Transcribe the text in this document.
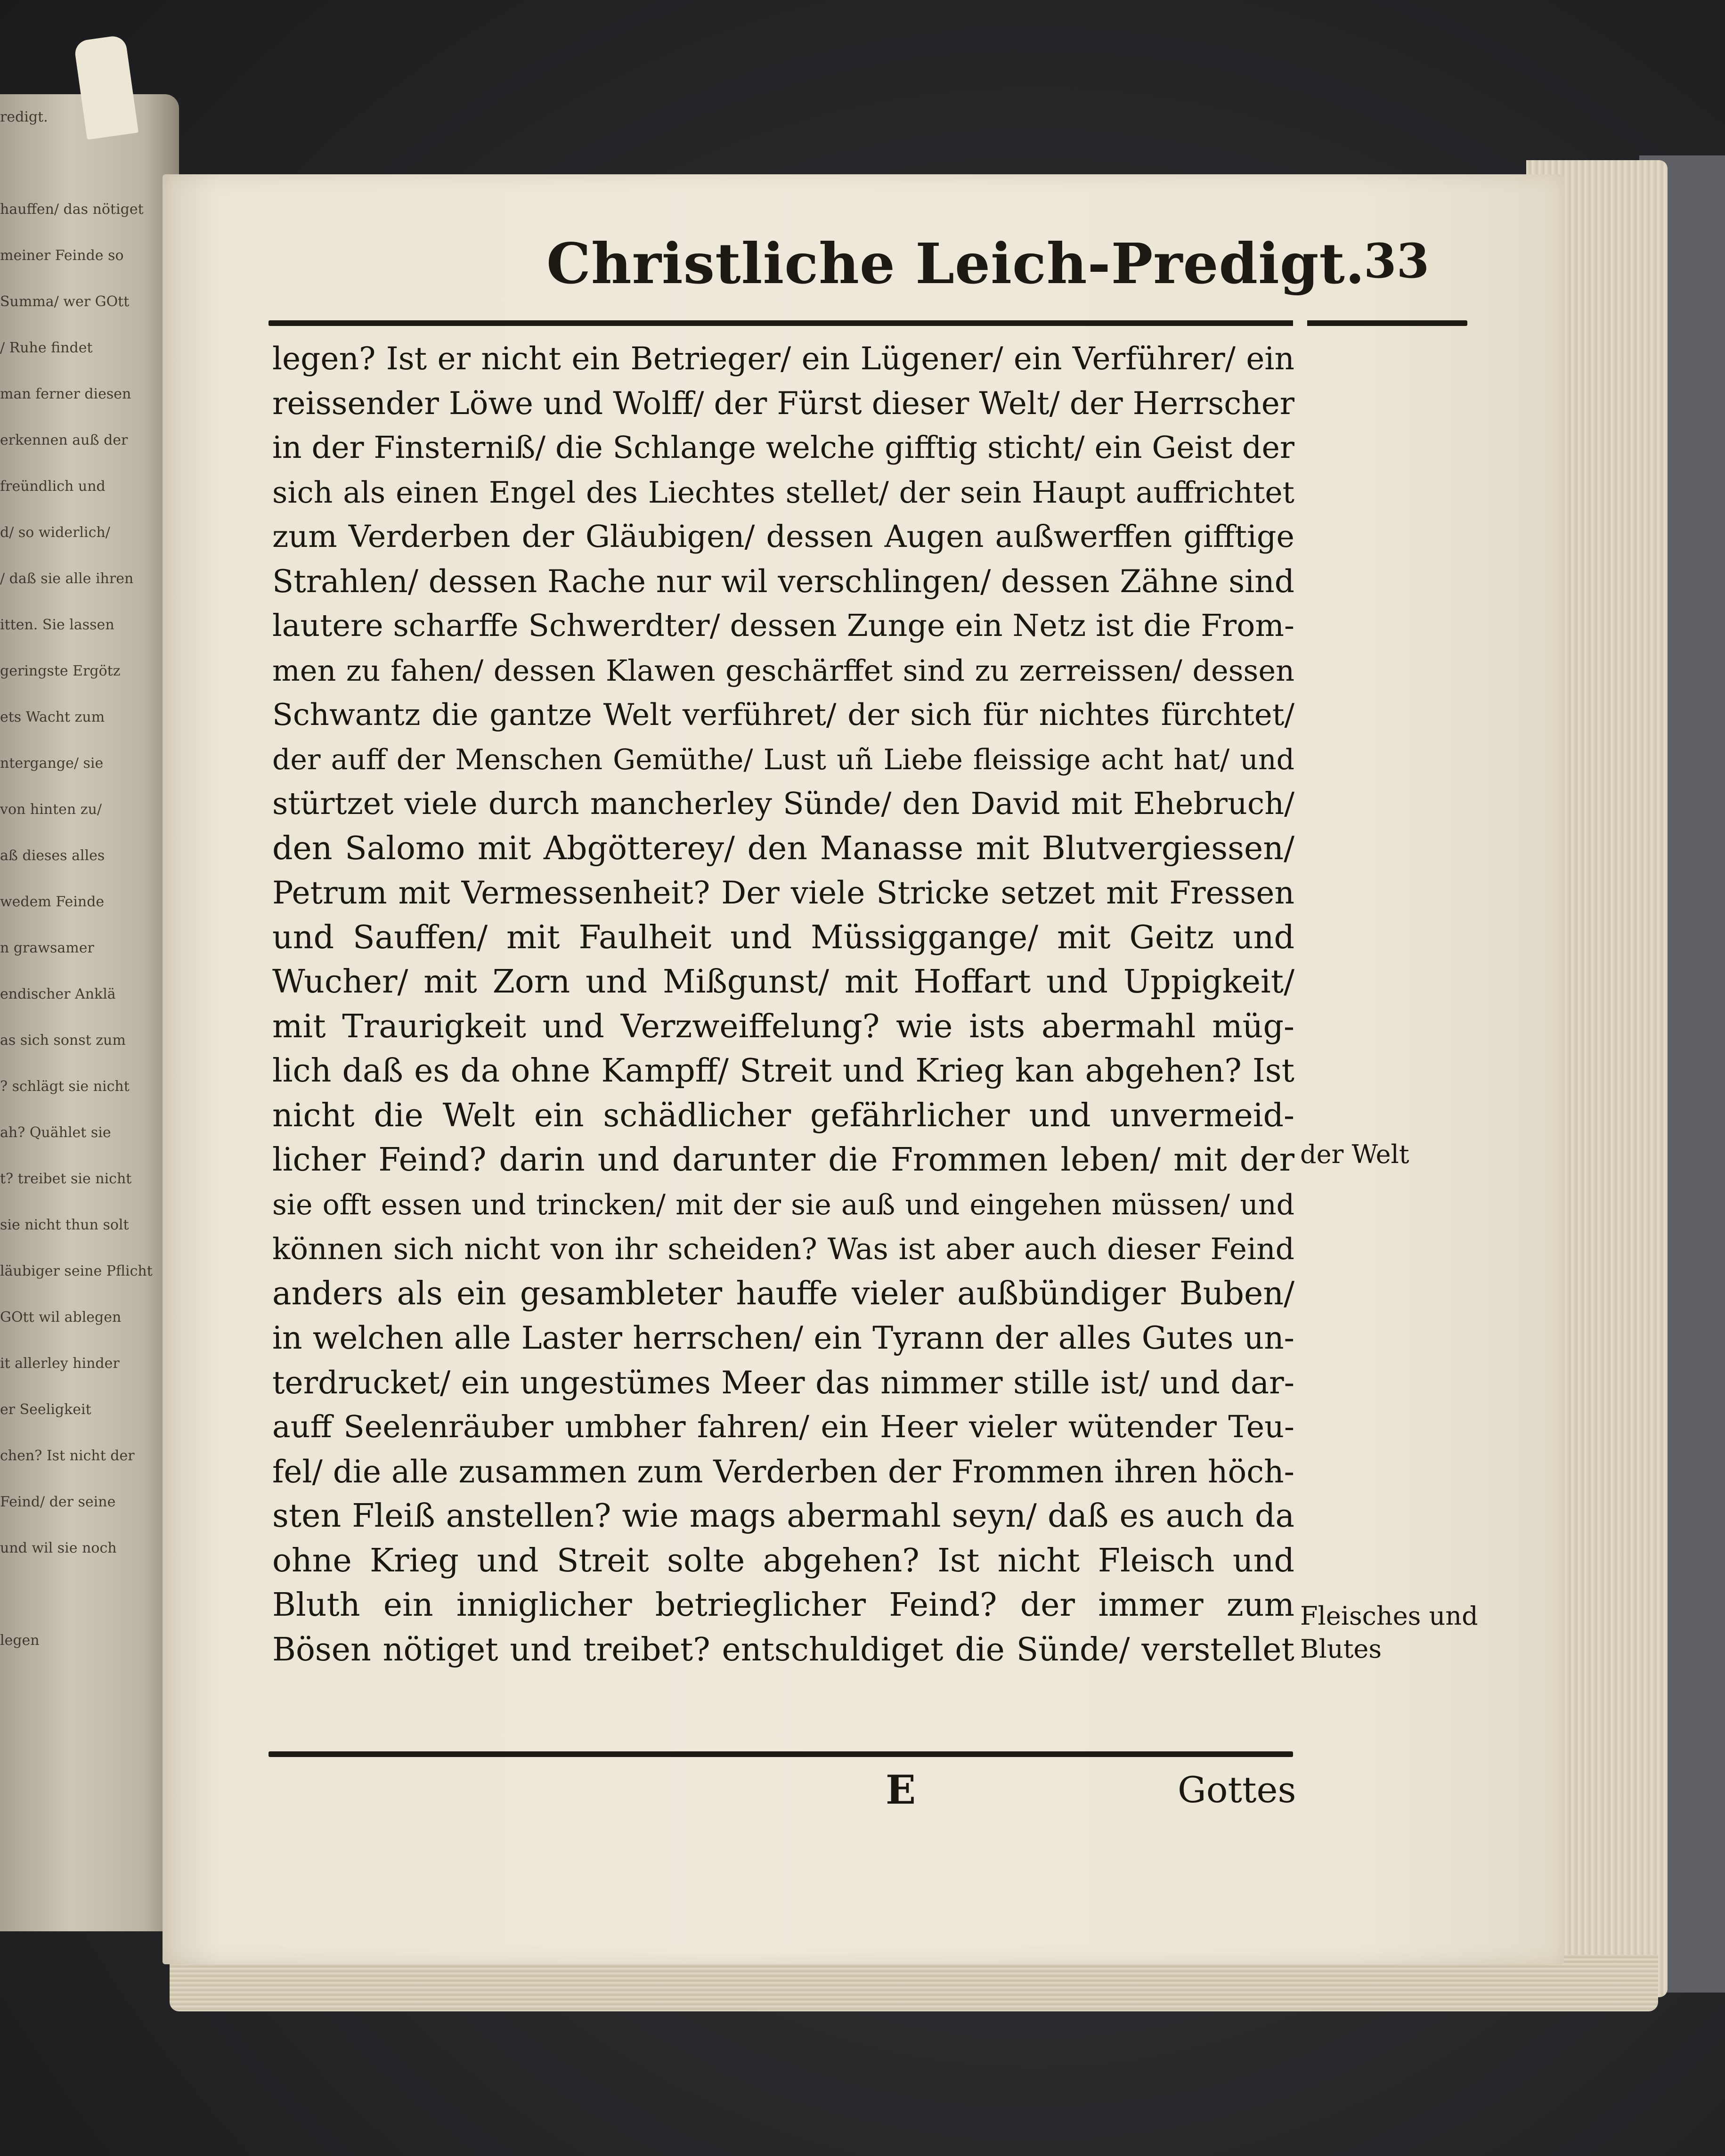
redigt.
hauffen/ das nötiget
meiner Feinde so
Summa/ wer GOtt
/ Ruhe findet
man ferner diesen
erkennen auß der
freündlich und
d/ so widerlich/
/ daß sie alle ihren
itten. Sie lassen
geringste Ergötz
ets Wacht zum
ntergange/ sie
von hinten zu/
aß dieses alles
wedem Feinde
n grawsamer
endischer Anklä
as sich sonst zum
? schlägt sie nicht
ah? Quählet sie
t? treibet sie nicht
sie nicht thun solt
läubiger seine Pflicht
GOtt wil ablegen
it allerley hinder
er Seeligkeit
chen? Ist nicht der
Feind/ der seine
und wil sie noch
legen
Christliche Leich-Predigt.
33
legen? Ist er nicht ein Betrieger/ ein Lügener/ ein Verführer/ ein
reissender Löwe und Wolff/ der Fürst dieser Welt/ der Herrscher
in der Finsterniß/ die Schlange welche gifftig sticht/ ein Geist der
sich als einen Engel des Liechtes stellet/ der sein Haupt auffrichtet
zum Verderben der Gläubigen/ dessen Augen außwerffen gifftige
Strahlen/ dessen Rache nur wil verschlingen/ dessen Zähne sind
lautere scharffe Schwerdter/ dessen Zunge ein Netz ist die From-
men zu fahen/ dessen Klawen geschärffet sind zu zerreissen/ dessen
Schwantz die gantze Welt verführet/ der sich für nichtes fürchtet/
der auff der Menschen Gemüthe/ Lust uñ Liebe fleissige acht hat/ und
stürtzet viele durch mancherley Sünde/ den David mit Ehebruch/
den Salomo mit Abgötterey/ den Manasse mit Blutvergiessen/
Petrum mit Vermessenheit? Der viele Stricke setzet mit Fressen
und Sauffen/ mit Faulheit und Müssiggange/ mit Geitz und
Wucher/ mit Zorn und Mißgunst/ mit Hoffart und Uppigkeit/
mit Traurigkeit und Verzweiffelung? wie ists abermahl müg-
lich daß es da ohne Kampff/ Streit und Krieg kan abgehen? Ist
nicht die Welt ein schädlicher gefährlicher und unvermeid-
licher Feind? darin und darunter die Frommen leben/ mit der
sie offt essen und trincken/ mit der sie auß und eingehen müssen/ und
können sich nicht von ihr scheiden? Was ist aber auch dieser Feind
anders als ein gesambleter hauffe vieler außbündiger Buben/
in welchen alle Laster herrschen/ ein Tyrann der alles Gutes un-
terdrucket/ ein ungestümes Meer das nimmer stille ist/ und dar-
auff Seelenräuber umbher fahren/ ein Heer vieler wütender Teu-
fel/ die alle zusammen zum Verderben der Frommen ihren höch-
sten Fleiß anstellen? wie mags abermahl seyn/ daß es auch da
ohne Krieg und Streit solte abgehen? Ist nicht Fleisch und
Bluth ein inniglicher betrieglicher Feind? der immer zum
Bösen nötiget und treibet? entschuldiget die Sünde/ verstellet
der Welt
Fleisches und
Blutes
E	Gottes
